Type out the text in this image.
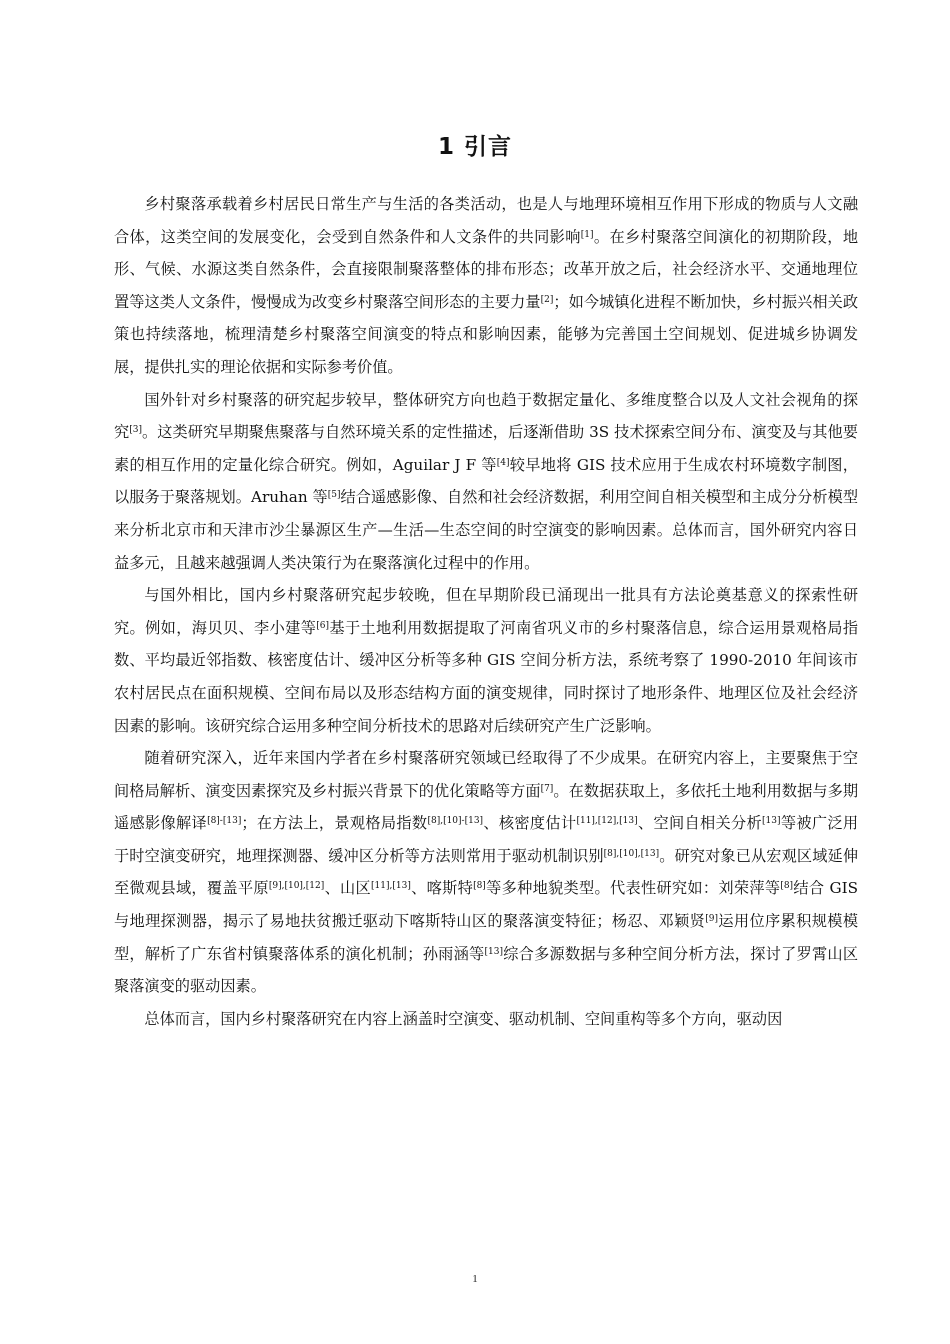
1 引言

乡村聚落承载着乡村居民日常生产与生活的各类活动，也是人与地理环境相互作用下形成的物质与人文融合体，这类空间的发展变化，会受到自然条件和人文条件的共同影响[1]。在乡村聚落空间演化的初期阶段，地形、气候、水源这类自然条件，会直接限制聚落整体的排布形态；改革开放之后，社会经济水平、交通地理位置等这类人文条件，慢慢成为改变乡村聚落空间形态的主要力量[2]；如今城镇化进程不断加快，乡村振兴相关政策也持续落地，梳理清楚乡村聚落空间演变的特点和影响因素，能够为完善国土空间规划、促进城乡协调发展，提供扎实的理论依据和实际参考价值。

国外针对乡村聚落的研究起步较早，整体研究方向也趋于数据定量化、多维度整合以及人文社会视角的探究[3]。这类研究早期聚焦聚落与自然环境关系的定性描述，后逐渐借助 3S 技术探索空间分布、演变及与其他要素的相互作用的定量化综合研究。例如，Aguilar J F 等[4]较早地将 GIS 技术应用于生成农村环境数字制图，以服务于聚落规划。Aruhan 等[5]结合遥感影像、自然和社会经济数据，利用空间自相关模型和主成分分析模型来分析北京市和天津市沙尘暴源区生产—生活—生态空间的时空演变的影响因素。总体而言，国外研究内容日益多元，且越来越强调人类决策行为在聚落演化过程中的作用。

与国外相比，国内乡村聚落研究起步较晚，但在早期阶段已涌现出一批具有方法论奠基意义的探索性研究。例如，海贝贝、李小建等[6]基于土地利用数据提取了河南省巩义市的乡村聚落信息，综合运用景观格局指数、平均最近邻指数、核密度估计、缓冲区分析等多种 GIS 空间分析方法，系统考察了 1990-2010 年间该市农村居民点在面积规模、空间布局以及形态结构方面的演变规律，同时探讨了地形条件、地理区位及社会经济因素的影响。该研究综合运用多种空间分析技术的思路对后续研究产生广泛影响。

随着研究深入，近年来国内学者在乡村聚落研究领域已经取得了不少成果。在研究内容上，主要聚焦于空间格局解析、演变因素探究及乡村振兴背景下的优化策略等方面[7]。在数据获取上，多依托土地利用数据与多期遥感影像解译[8]-[13]；在方法上，景观格局指数[8],[10]-[13]、核密度估计[11],[12],[13]、空间自相关分析[13]等被广泛用于时空演变研究，地理探测器、缓冲区分析等方法则常用于驱动机制识别[8],[10],[13]。研究对象已从宏观区域延伸至微观县域，覆盖平原[9],[10],[12]、山区[11],[13]、喀斯特[8]等多种地貌类型。代表性研究如：刘荣萍等[8]结合 GIS 与地理探测器，揭示了易地扶贫搬迁驱动下喀斯特山区的聚落演变特征；杨忍、邓颖贤[9]运用位序累积规模模型，解析了广东省村镇聚落体系的演化机制；孙雨涵等[13]综合多源数据与多种空间分析方法，探讨了罗霄山区聚落演变的驱动因素。

总体而言，国内乡村聚落研究在内容上涵盖时空演变、驱动机制、空间重构等多个方向，驱动因

1
